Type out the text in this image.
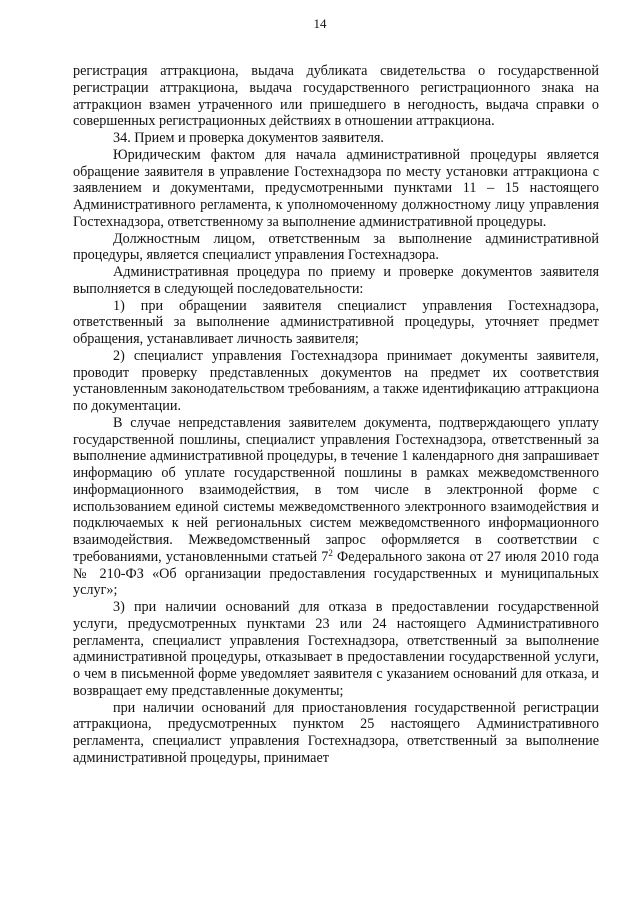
14

регистрация аттракциона, выдача дубликата свидетельства о государственной регистрации аттракциона, выдача государственного регистрационного знака на аттракцион взамен утраченного или пришедшего в негодность, выдача справки о совершенных регистрационных действиях в отношении аттракциона.

34. Прием и проверка документов заявителя.

Юридическим фактом для начала административной процедуры является обращение заявителя в управление Гостехнадзора по месту установки аттракциона с заявлением и документами, предусмотренными пунктами 11 – 15 настоящего Административного регламента, к уполномоченному должностному лицу управления Гостехнадзора, ответственному за выполнение административной процедуры.

Должностным лицом, ответственным за выполнение административной процедуры, является специалист управления Гостехнадзора.

Административная процедура по приему и проверке документов заявителя выполняется в следующей последовательности:

1) при обращении заявителя специалист управления Гостехнадзора, ответственный за выполнение административной процедуры, уточняет предмет обращения, устанавливает личность заявителя;

2) специалист управления Гостехнадзора принимает документы заявителя, проводит проверку представленных документов на предмет их соответствия установленным законодательством требованиям, а также идентификацию аттракциона по документации.

В случае непредставления заявителем документа, подтверждающего уплату государственной пошлины, специалист управления Гостехнадзора, ответственный за выполнение административной процедуры, в течение 1 календарного дня запрашивает информацию об уплате государственной пошлины в рамках межведомственного информационного взаимодействия, в том числе в электронной форме с использованием единой системы межведомственного электронного взаимодействия и подключаемых к ней региональных систем межведомственного информационного взаимодействия. Межведомственный запрос оформляется в соответствии с требованиями, установленными статьей $7^2$ Федерального закона от 27 июля 2010 года № 210-ФЗ «Об организации предоставления государственных и муниципальных услуг»;

3) при наличии оснований для отказа в предоставлении государственной услуги, предусмотренных пунктами 23 или 24 настоящего Административного регламента, специалист управления Гостехнадзора, ответственный за выполнение административной процедуры, отказывает в предоставлении государственной услуги, о чем в письменной форме уведомляет заявителя с указанием оснований для отказа, и возвращает ему представленные документы;

при наличии оснований для приостановления государственной регистрации аттракциона, предусмотренных пунктом 25 настоящего Административного регламента, специалист управления Гостехнадзора, ответственный за выполнение административной процедуры, принимает
